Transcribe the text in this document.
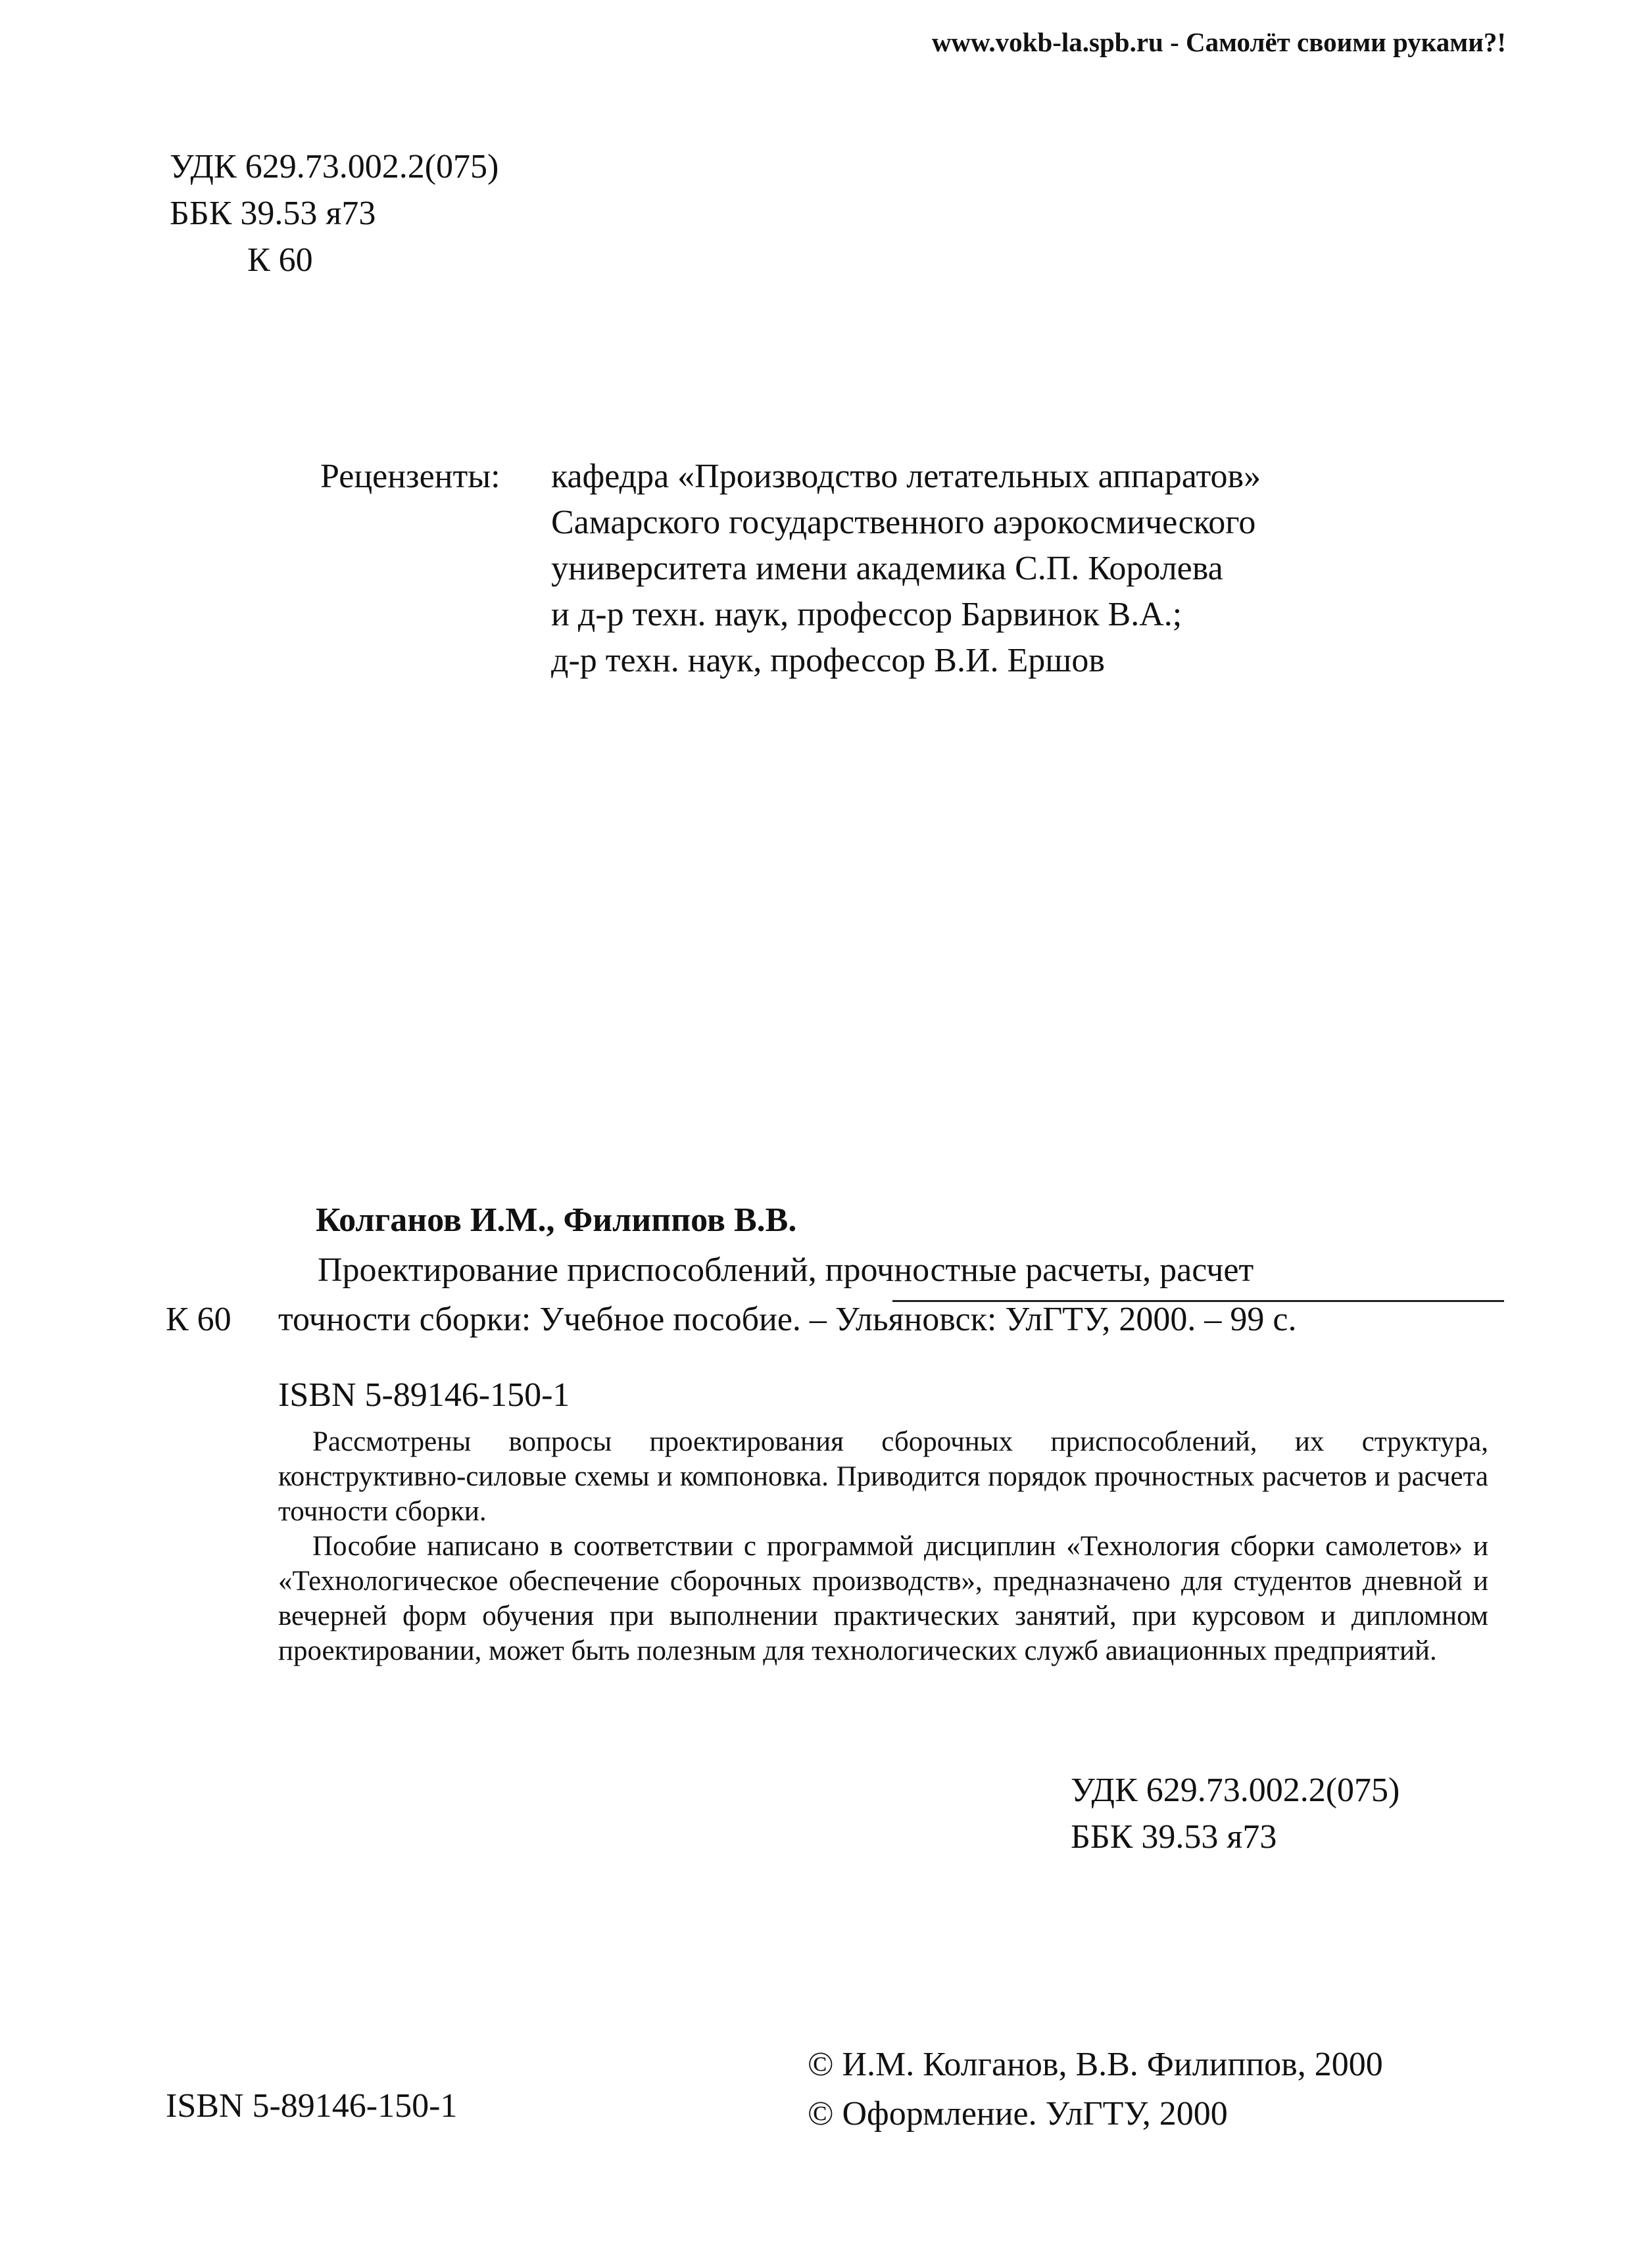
www.vokb-la.spb.ru - Самолёт своими руками?!
УДК 629.73.002.2(075)
ББК 39.53 я73
К 60
Рецензенты: кафедра «Производство летательных аппаратов»
Самарского государственного аэрокосмического
университета имени академика С.П. Королева
и д-р техн. наук, профессор Барвинок В.А.;
д-р техн. наук, профессор В.И. Ершов
Колганов И.М., Филиппов В.В.
Проектирование приспособлений, прочностные расчеты, расчет
К 60 точности сборки: Учебное пособие. – Ульяновск: УлГТУ, 2000. – 99 с.
ISBN 5-89146-150-1

Рассмотрены вопросы проектирования сборочных приспособлений, их структура, конструктивно-силовые схемы и компоновка. Приводится порядок прочностных расчетов и расчета точности сборки.

Пособие написано в соответствии с программой дисциплин «Технология сборки самолетов» и «Технологическое обеспечение сборочных производств», предназначено для студентов дневной и вечерней форм обучения при выполнении практических занятий, при курсовом и дипломном проектировании, может быть полезным для технологических служб авиационных предприятий.

УДК 629.73.002.2(075)
ББК 39.53 я73
ISBN 5-89146-150-1
© И.М. Колганов, В.В. Филиппов, 2000
© Оформление. УлГТУ, 2000
